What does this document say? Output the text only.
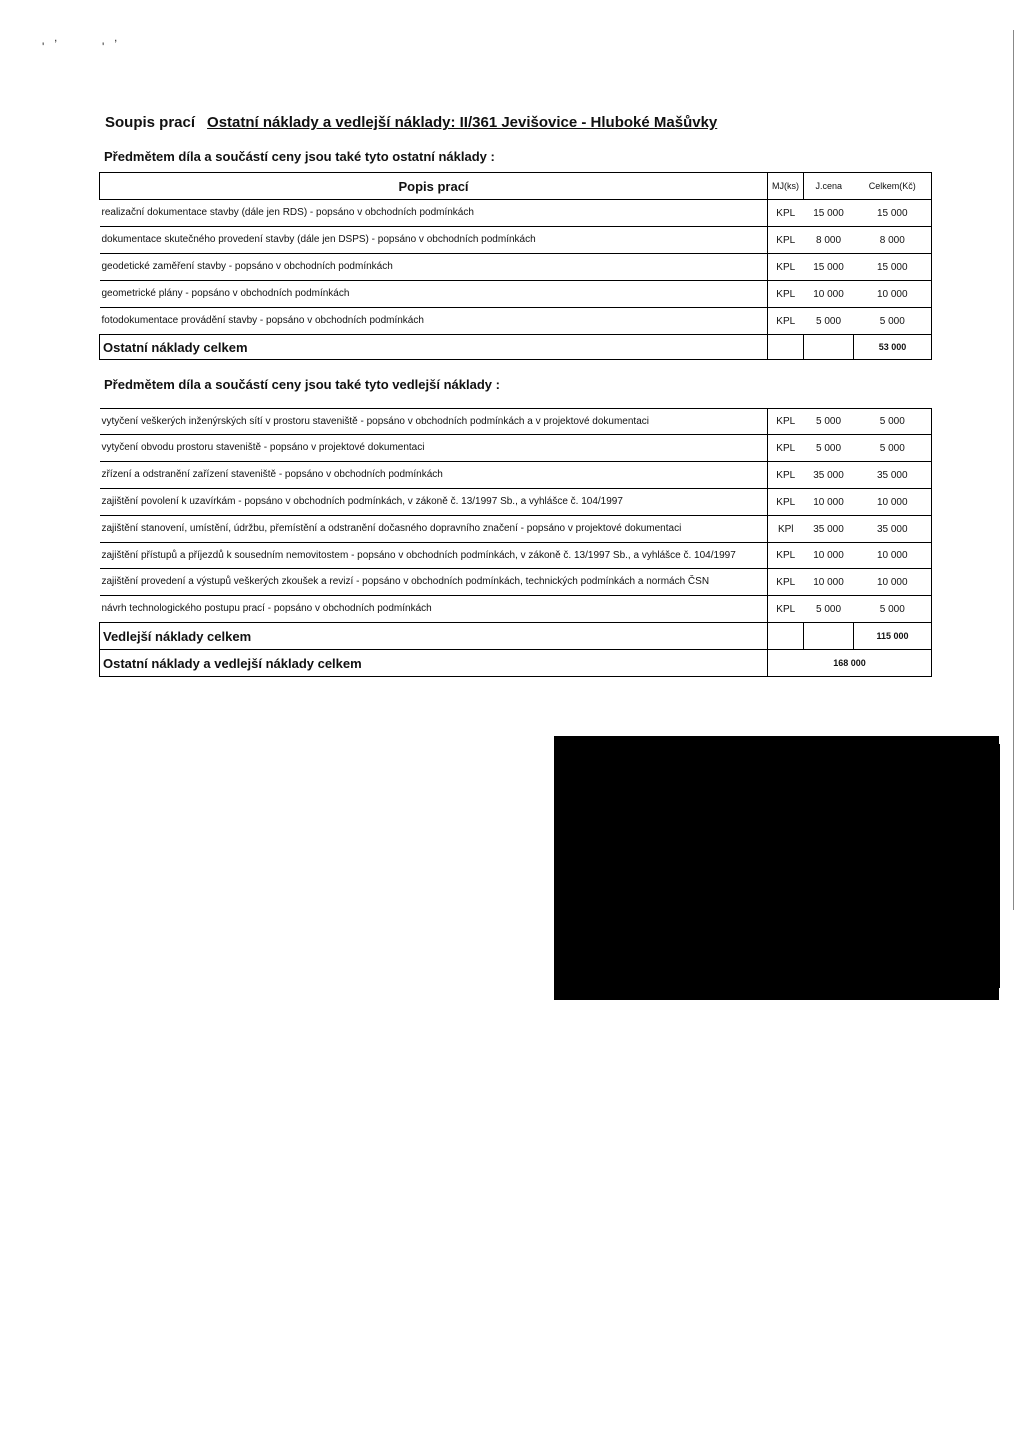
,	,
'	'
Soupis prací Ostatní náklady a vedlejší náklady: II/361 Jevišovice - Hluboké Mašůvky
Předmětem díla a součástí ceny jsou také tyto ostatní náklady :
Popis prací	MJ(ks)	J.cena	Celkem(Kč)
realizační dokumentace stavby (dále jen RDS) - popsáno v obchodních podmínkách	KPL	15 000	15 000
dokumentace skutečného provedení stavby (dále jen DSPS) - popsáno v obchodních podmínkách	KPL	8 000	8 000
geodetické zaměření stavby - popsáno v obchodních podmínkách	KPL	15 000	15 000
geometrické plány - popsáno v obchodních podmínkách	KPL	10 000	10 000
fotodokumentace provádění stavby - popsáno v obchodních podmínkách	KPL	5 000	5 000
Ostatní náklady celkem			53 000
Předmětem díla a součástí ceny jsou také tyto vedlejší náklady :
vytyčení veškerých inženýrských sítí v prostoru staveniště - popsáno v obchodních podmínkách a v projektové dokumentaci	KPL	5 000	5 000
vytyčení obvodu prostoru staveniště - popsáno v projektové dokumentaci	KPL	5 000	5 000
zřízení a odstranění zařízení staveniště - popsáno v obchodních podmínkách	KPL	35 000	35 000
zajištění povolení k uzavírkám - popsáno v obchodních podmínkách, v zákoně č. 13/1997 Sb., a vyhlášce č. 104/1997	KPL	10 000	10 000
zajištění stanovení, umístění, údržbu, přemístění a odstranění dočasného dopravního značení - popsáno v projektové dokumentaci	KPl	35 000	35 000
zajištění přístupů a příjezdů k sousedním nemovitostem - popsáno v obchodních podmínkách, v zákoně č. 13/1997 Sb., a vyhlášce č. 104/1997	KPL	10 000	10 000
zajištění provedení a výstupů veškerých zkoušek a revizí - popsáno v obchodních podmínkách, technických podmínkách a normách ČSN	KPL	10 000	10 000
návrh technologického postupu prací - popsáno v obchodních podmínkách	KPL	5 000	5 000
Vedlejší náklady celkem			115 000
Ostatní náklady a vedlejší náklady celkem	168 000		
